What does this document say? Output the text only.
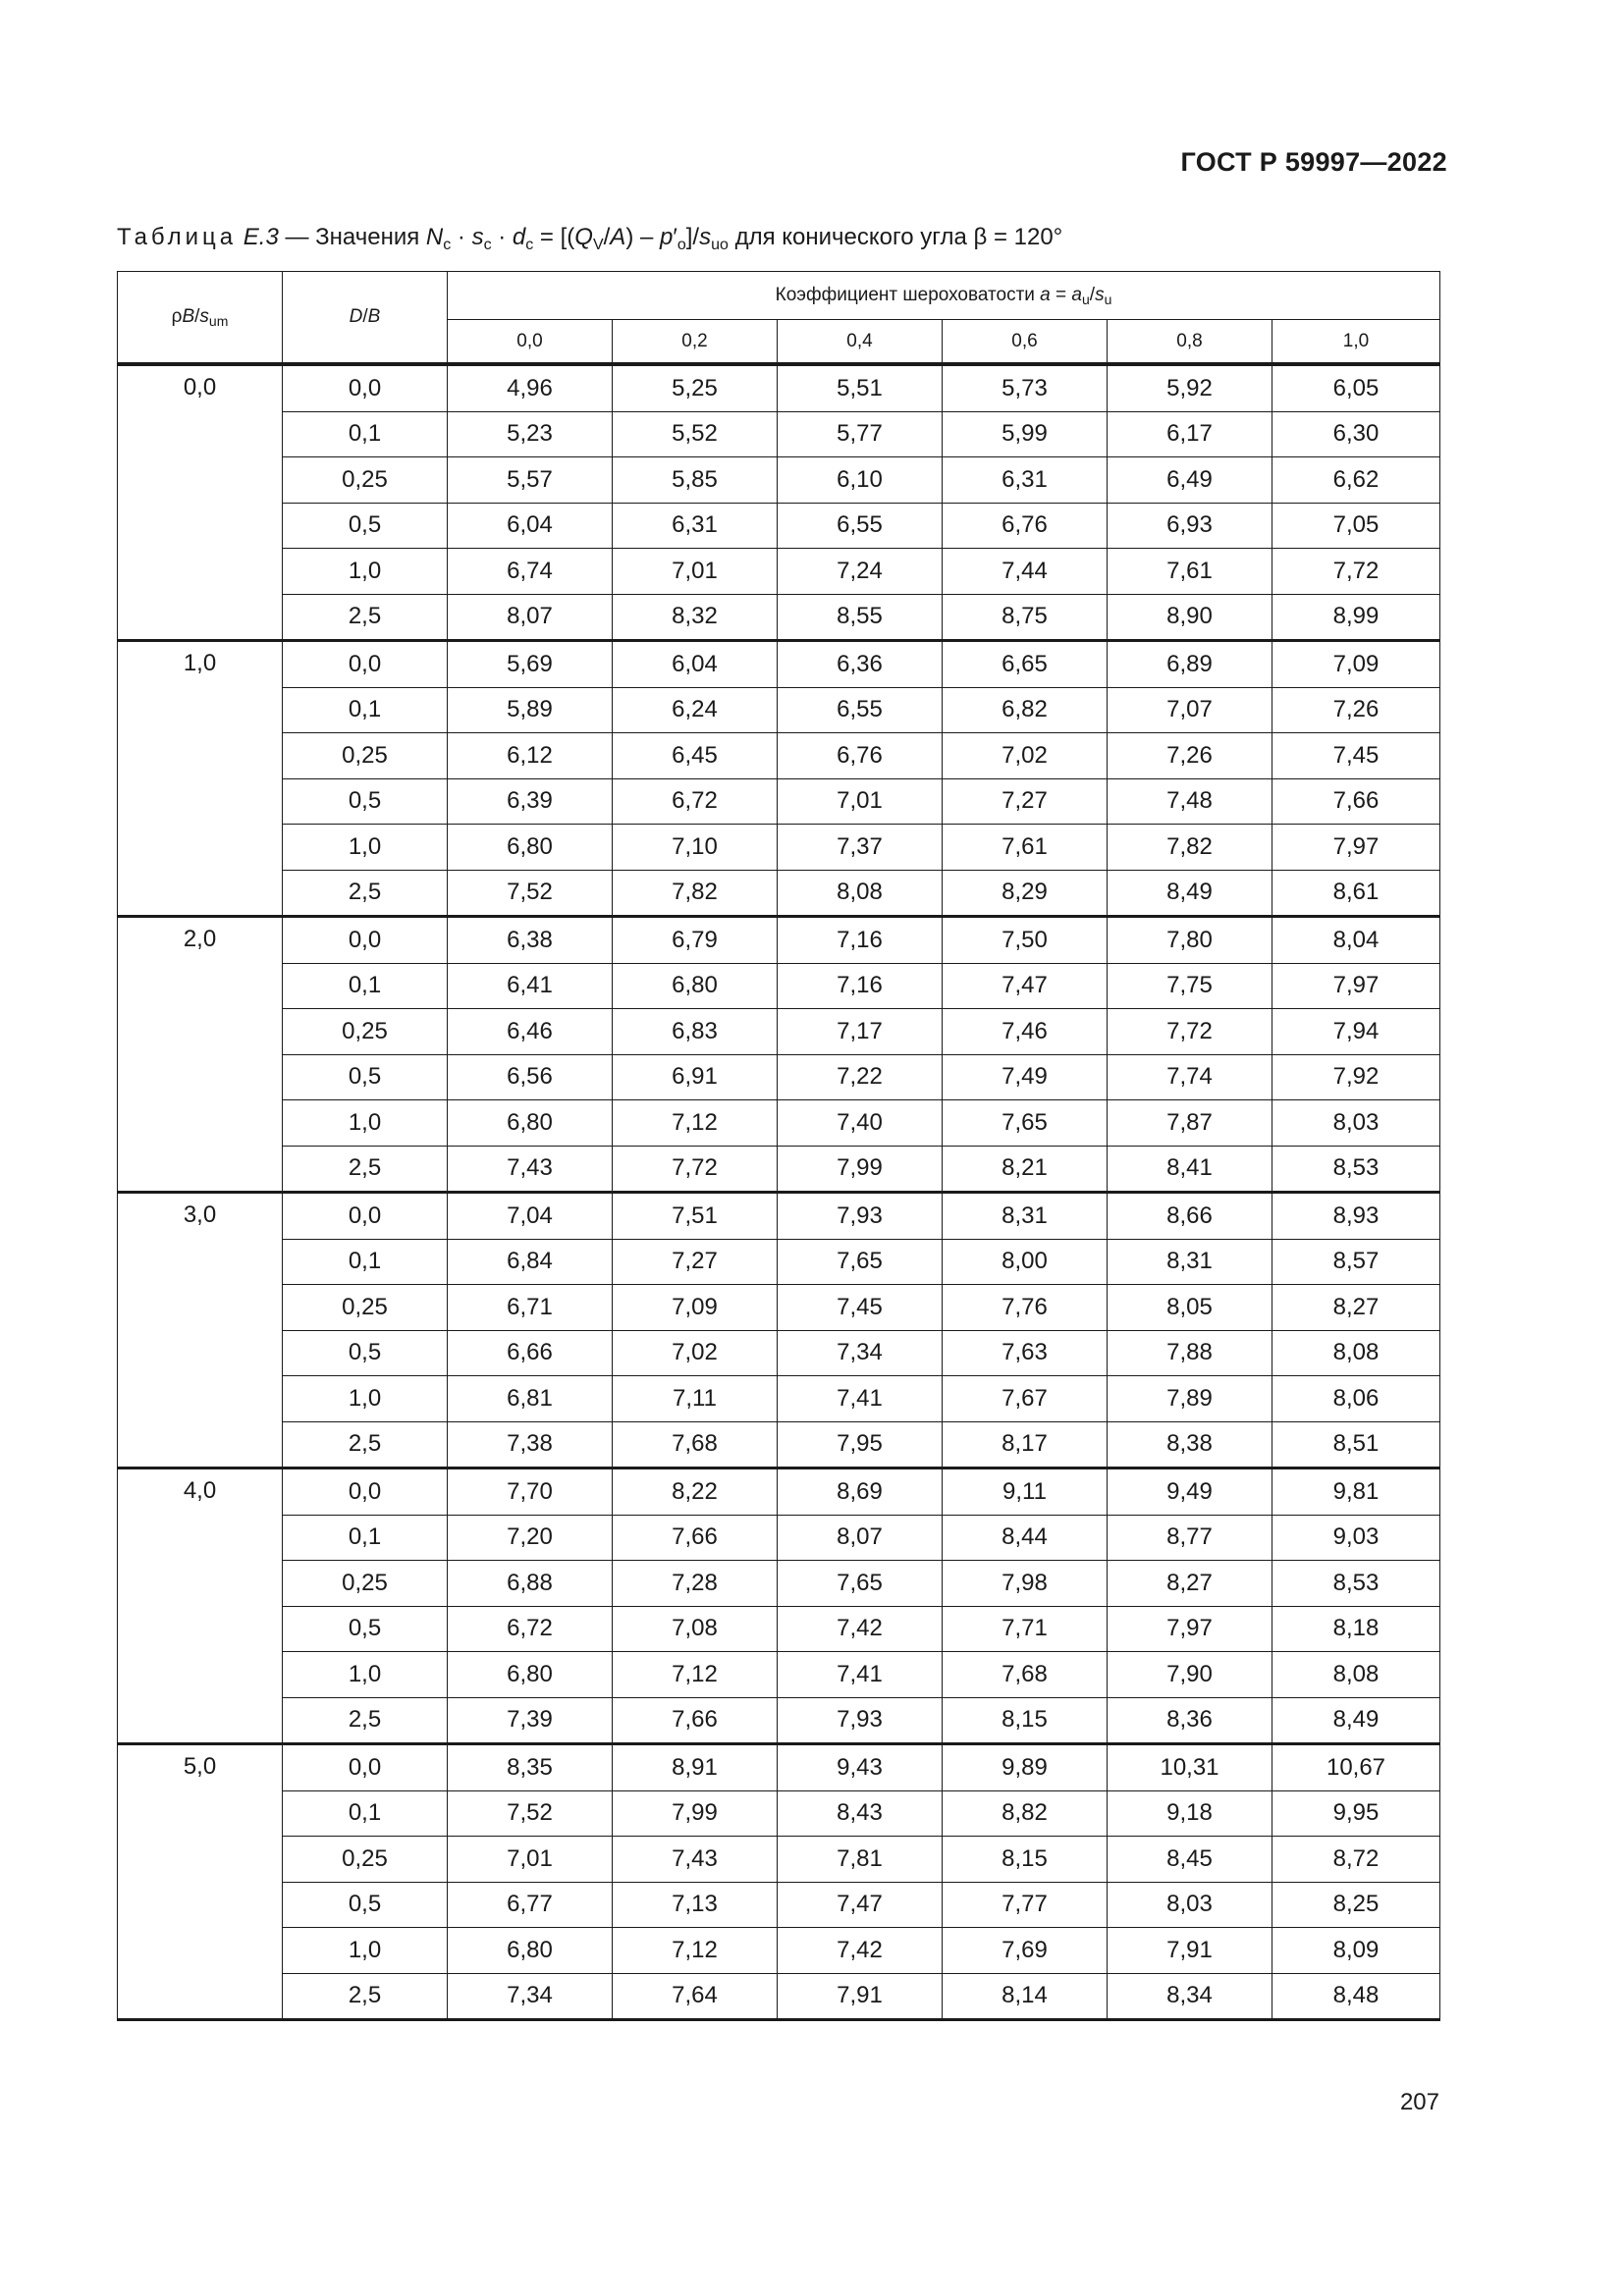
ГОСТ Р 59997—2022
Таблица E.3 — Значения $N_c \cdot s_c \cdot d_c = [(Q_V/A) - p'_o]/s_{uo}$ для конического угла β = 120°
$\rho B/s_{um}$	D/B	Коэффициент шероховатости $a = a_u/s_u$
		0,0	0,2	0,4	0,6	0,8	1,0
0,0	0,0	4,96	5,25	5,51	5,73	5,92	6,05
	0,1	5,23	5,52	5,77	5,99	6,17	6,30
	0,25	5,57	5,85	6,10	6,31	6,49	6,62
	0,5	6,04	6,31	6,55	6,76	6,93	7,05
	1,0	6,74	7,01	7,24	7,44	7,61	7,72
	2,5	8,07	8,32	8,55	8,75	8,90	8,99
1,0	0,0	5,69	6,04	6,36	6,65	6,89	7,09
	0,1	5,89	6,24	6,55	6,82	7,07	7,26
	0,25	6,12	6,45	6,76	7,02	7,26	7,45
	0,5	6,39	6,72	7,01	7,27	7,48	7,66
	1,0	6,80	7,10	7,37	7,61	7,82	7,97
	2,5	7,52	7,82	8,08	8,29	8,49	8,61
2,0	0,0	6,38	6,79	7,16	7,50	7,80	8,04
	0,1	6,41	6,80	7,16	7,47	7,75	7,97
	0,25	6,46	6,83	7,17	7,46	7,72	7,94
	0,5	6,56	6,91	7,22	7,49	7,74	7,92
	1,0	6,80	7,12	7,40	7,65	7,87	8,03
	2,5	7,43	7,72	7,99	8,21	8,41	8,53
3,0	0,0	7,04	7,51	7,93	8,31	8,66	8,93
	0,1	6,84	7,27	7,65	8,00	8,31	8,57
	0,25	6,71	7,09	7,45	7,76	8,05	8,27
	0,5	6,66	7,02	7,34	7,63	7,88	8,08
	1,0	6,81	7,11	7,41	7,67	7,89	8,06
	2,5	7,38	7,68	7,95	8,17	8,38	8,51
4,0	0,0	7,70	8,22	8,69	9,11	9,49	9,81
	0,1	7,20	7,66	8,07	8,44	8,77	9,03
	0,25	6,88	7,28	7,65	7,98	8,27	8,53
	0,5	6,72	7,08	7,42	7,71	7,97	8,18
	1,0	6,80	7,12	7,41	7,68	7,90	8,08
	2,5	7,39	7,66	7,93	8,15	8,36	8,49
5,0	0,0	8,35	8,91	9,43	9,89	10,31	10,67
	0,1	7,52	7,99	8,43	8,82	9,18	9,95
	0,25	7,01	7,43	7,81	8,15	8,45	8,72
	0,5	6,77	7,13	7,47	7,77	8,03	8,25
	1,0	6,80	7,12	7,42	7,69	7,91	8,09
	2,5	7,34	7,64	7,91	8,14	8,34	8,48
207
